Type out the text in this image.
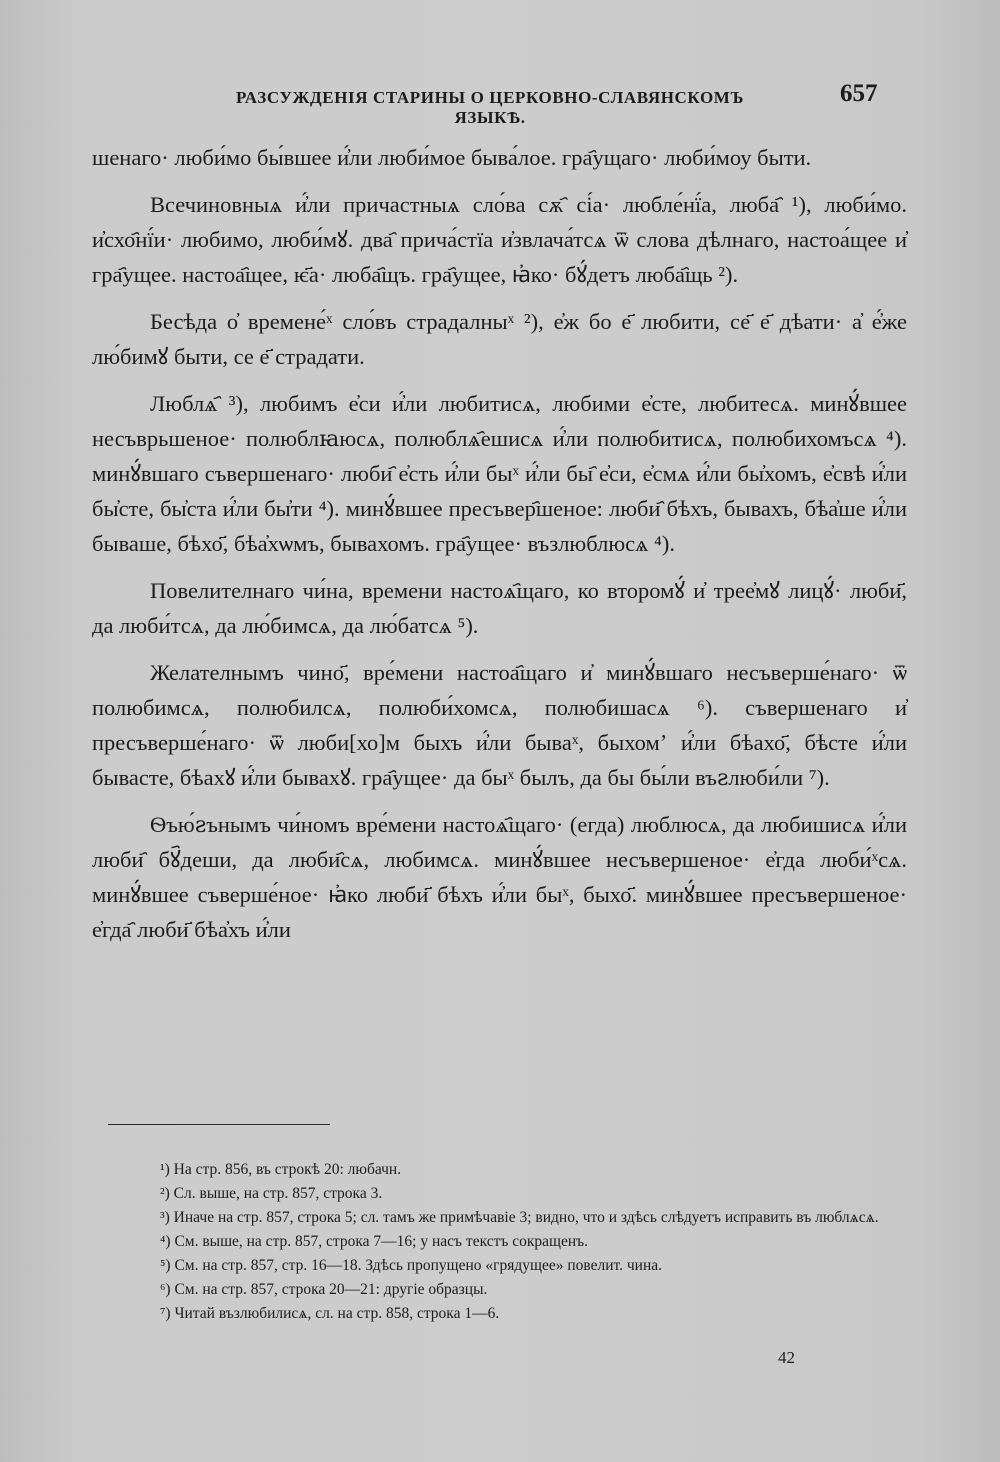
РАЗСУЖДЕНІЯ СТАРИНЫ О ЦЕРКОВНО-СЛАВЯНСКОМЪ ЯЗЫКѢ.
657

шенаго· люби́мо бы́вшее и҆́ли люби́мое быва́лое. гра҄ущаго· люби́моу быти.

Всечиновныѧ и҆́ли причастныѧ сло́ва сѫ҄ сі́а· любле́нї́а, люба҄ ¹), люби́мо. и҆схо҄нї́и· любимо, люби́мꙋ. два҄ прича́стїа и҆звлача́тсѧ ѿ слова дѣлнаго, настоа́щее и҆ гра҄ущее. настоа҄щее, ѥ҃а· люба҄щъ. гра҄ущее, ꙗ҆ко· бꙋ́детъ люба҄щь ²).

Бесѣда о҆ времене́ˣ сло́въ страдалныˣ ²), е҆ж бо е҃ любити, се҃ е҃ дѣати· а҆ е҆́же лю́бимꙋ быти, се е҃ страдати.

Люблѧ҄ ³), любимъ е҆си и҆́ли любитисѧ, любими е҆сте, любитесѧ. минꙋ́вшее несъврьшеное· полюблꙗюсѧ, полюблѧ҄ешисѧ и҆́ли полюбитисѧ, полюбихомъсѧ ⁴). минꙋ́вшаго съвершенаго· люби҄ е҆сть и҆́ли быˣ и҆́ли бы҄ е҆си, е҆смѧ и҆́ли бы҆хомъ, е҆свѣ и҆́ли бы҆сте, бы҆ста и҆́ли бы҆ти ⁴). минꙋ́вшее пресъвер҄шеное: люби҄ бѣхъ, бывахъ, бѣа҆ше и҆́ли бывашe, бѣхо҃, бѣа҆хѡмъ, бывахомъ. гра҄ущее· възлюблюсѧ ⁴).

Повелителнаго чи́на, времени настоѧ҄щаго, ко второмꙋ́ и҆ трее҆мꙋ лицꙋ́· люби҃, да люби́тсѧ, да лю́бимсѧ, да лю́батсѧ ⁵).

Желателнымъ чино҃, вре́мени настоа҄щаго и҆ минꙋ́вшаго несъверше́наго· ѿ полюбимсѧ, полюбилсѧ, полюби́хомсѧ, полюбишасѧ ⁶). съвершенаго и҆ пресъверше́наго· ѿ люби[хо]м быхъ и҆́ли бываˣ, быхомʼ и҆́ли бѣахо҃, бѣсте и҆́ли бывасте, бѣахꙋ и҆́ли бывахꙋ. гра҄ущее· да быˣ былъ, да бы бы́ли въꙅлюби́ли ⁷).

Ѳъю́ꙅънымъ чи́номъ вре́мени настоѧ҄щаго· (егда) люблюсѧ, да любишисѧ и҆́ли люби҄ бꙋ҄деши, да люби҄сѧ, любимсѧ. минꙋ́вшее несъвершеное· е҆гда люби́ˣсѧ. минꙋ́вшее съверше́ное· ꙗ҆ко люби҃ бѣхъ и҆́ли быˣ, быхо҃. минꙋ́вшее пресъвершеное· е҆гда҄ люби҃ бѣа҆хъ и҆́ли

¹) На стр. 856, въ строкѣ 20: любачн.

²) Сл. выше, на стр. 857, строка 3.

³) Иначе на стр. 857, строка 5; сл. тамъ же примѣчавіе 3; видно, что и здѣсь слѣдуетъ исправить въ люблѧсѧ.

⁴) См. выше, на стр. 857, строка 7—16; у насъ текстъ сокращенъ.

⁵) См. на стр. 857, стр. 16—18. Здѣсь пропущено «грядущее» повелит. чина.

⁶) См. на стр. 857, строка 20—21: другіе образцы.

⁷) Читай възлюбилисѧ, сл. на стр. 858, строка 1—6.

42
